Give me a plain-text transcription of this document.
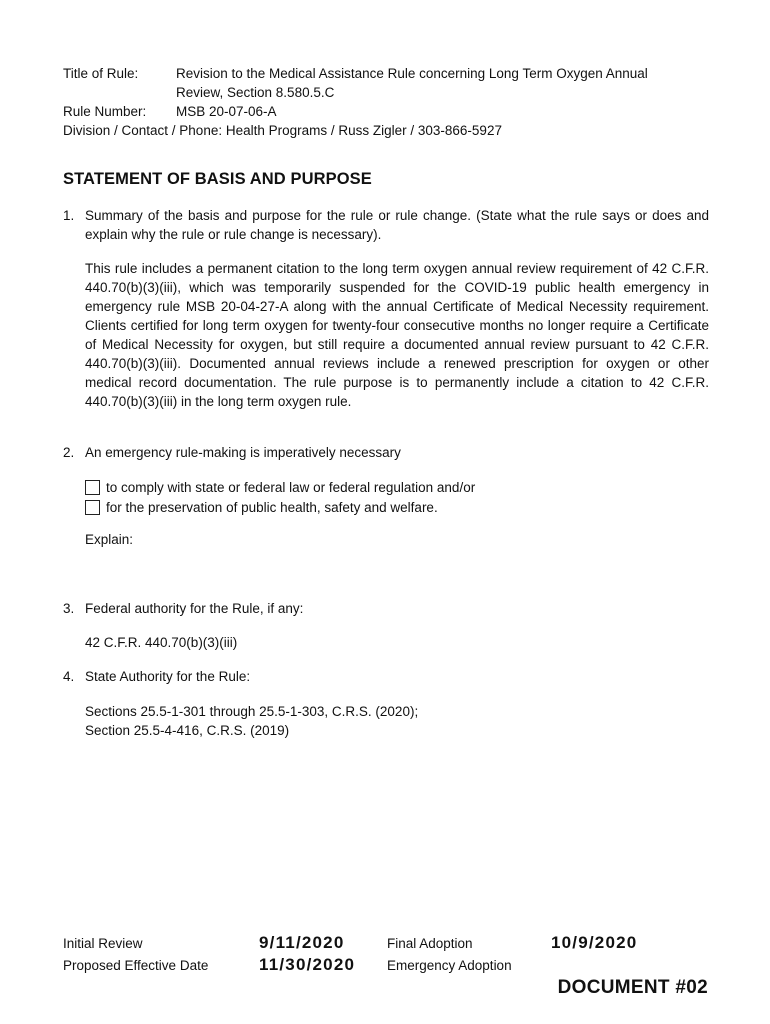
Title of Rule:	Revision to the Medical Assistance Rule concerning Long Term Oxygen Annual
Review, Section 8.580.5.C
Rule Number:	MSB 20-07-06-A
Division / Contact / Phone: Health Programs / Russ Zigler / 303-866-5927
STATEMENT OF BASIS AND PURPOSE
1. Summary of the basis and purpose for the rule or rule change. (State what the rule says or does and explain why the rule or rule change is necessary).
This rule includes a permanent citation to the long term oxygen annual review requirement of 42 C.F.R. 440.70(b)(3)(iii), which was temporarily suspended for the COVID-19 public health emergency in emergency rule MSB 20-04-27-A along with the annual Certificate of Medical Necessity requirement. Clients certified for long term oxygen for twenty-four consecutive months no longer require a Certificate of Medical Necessity for oxygen, but still require a documented annual review pursuant to 42 C.F.R. 440.70(b)(3)(iii). Documented annual reviews include a renewed prescription for oxygen or other medical record documentation. The rule purpose is to permanently include a citation to 42 C.F.R. 440.70(b)(3)(iii) in the long term oxygen rule.
2. An emergency rule-making is imperatively necessary
to comply with state or federal law or federal regulation and/or
for the preservation of public health, safety and welfare.
Explain:
3. Federal authority for the Rule, if any:
42 C.F.R. 440.70(b)(3)(iii)
4. State Authority for the Rule:
Sections 25.5-1-301 through 25.5-1-303, C.R.S. (2020);
Section 25.5-4-416, C.R.S. (2019)
Initial Review	9/11/2020	Final Adoption	10/9/2020
Proposed Effective Date	11/30/2020 Emergency Adoption
DOCUMENT #02
